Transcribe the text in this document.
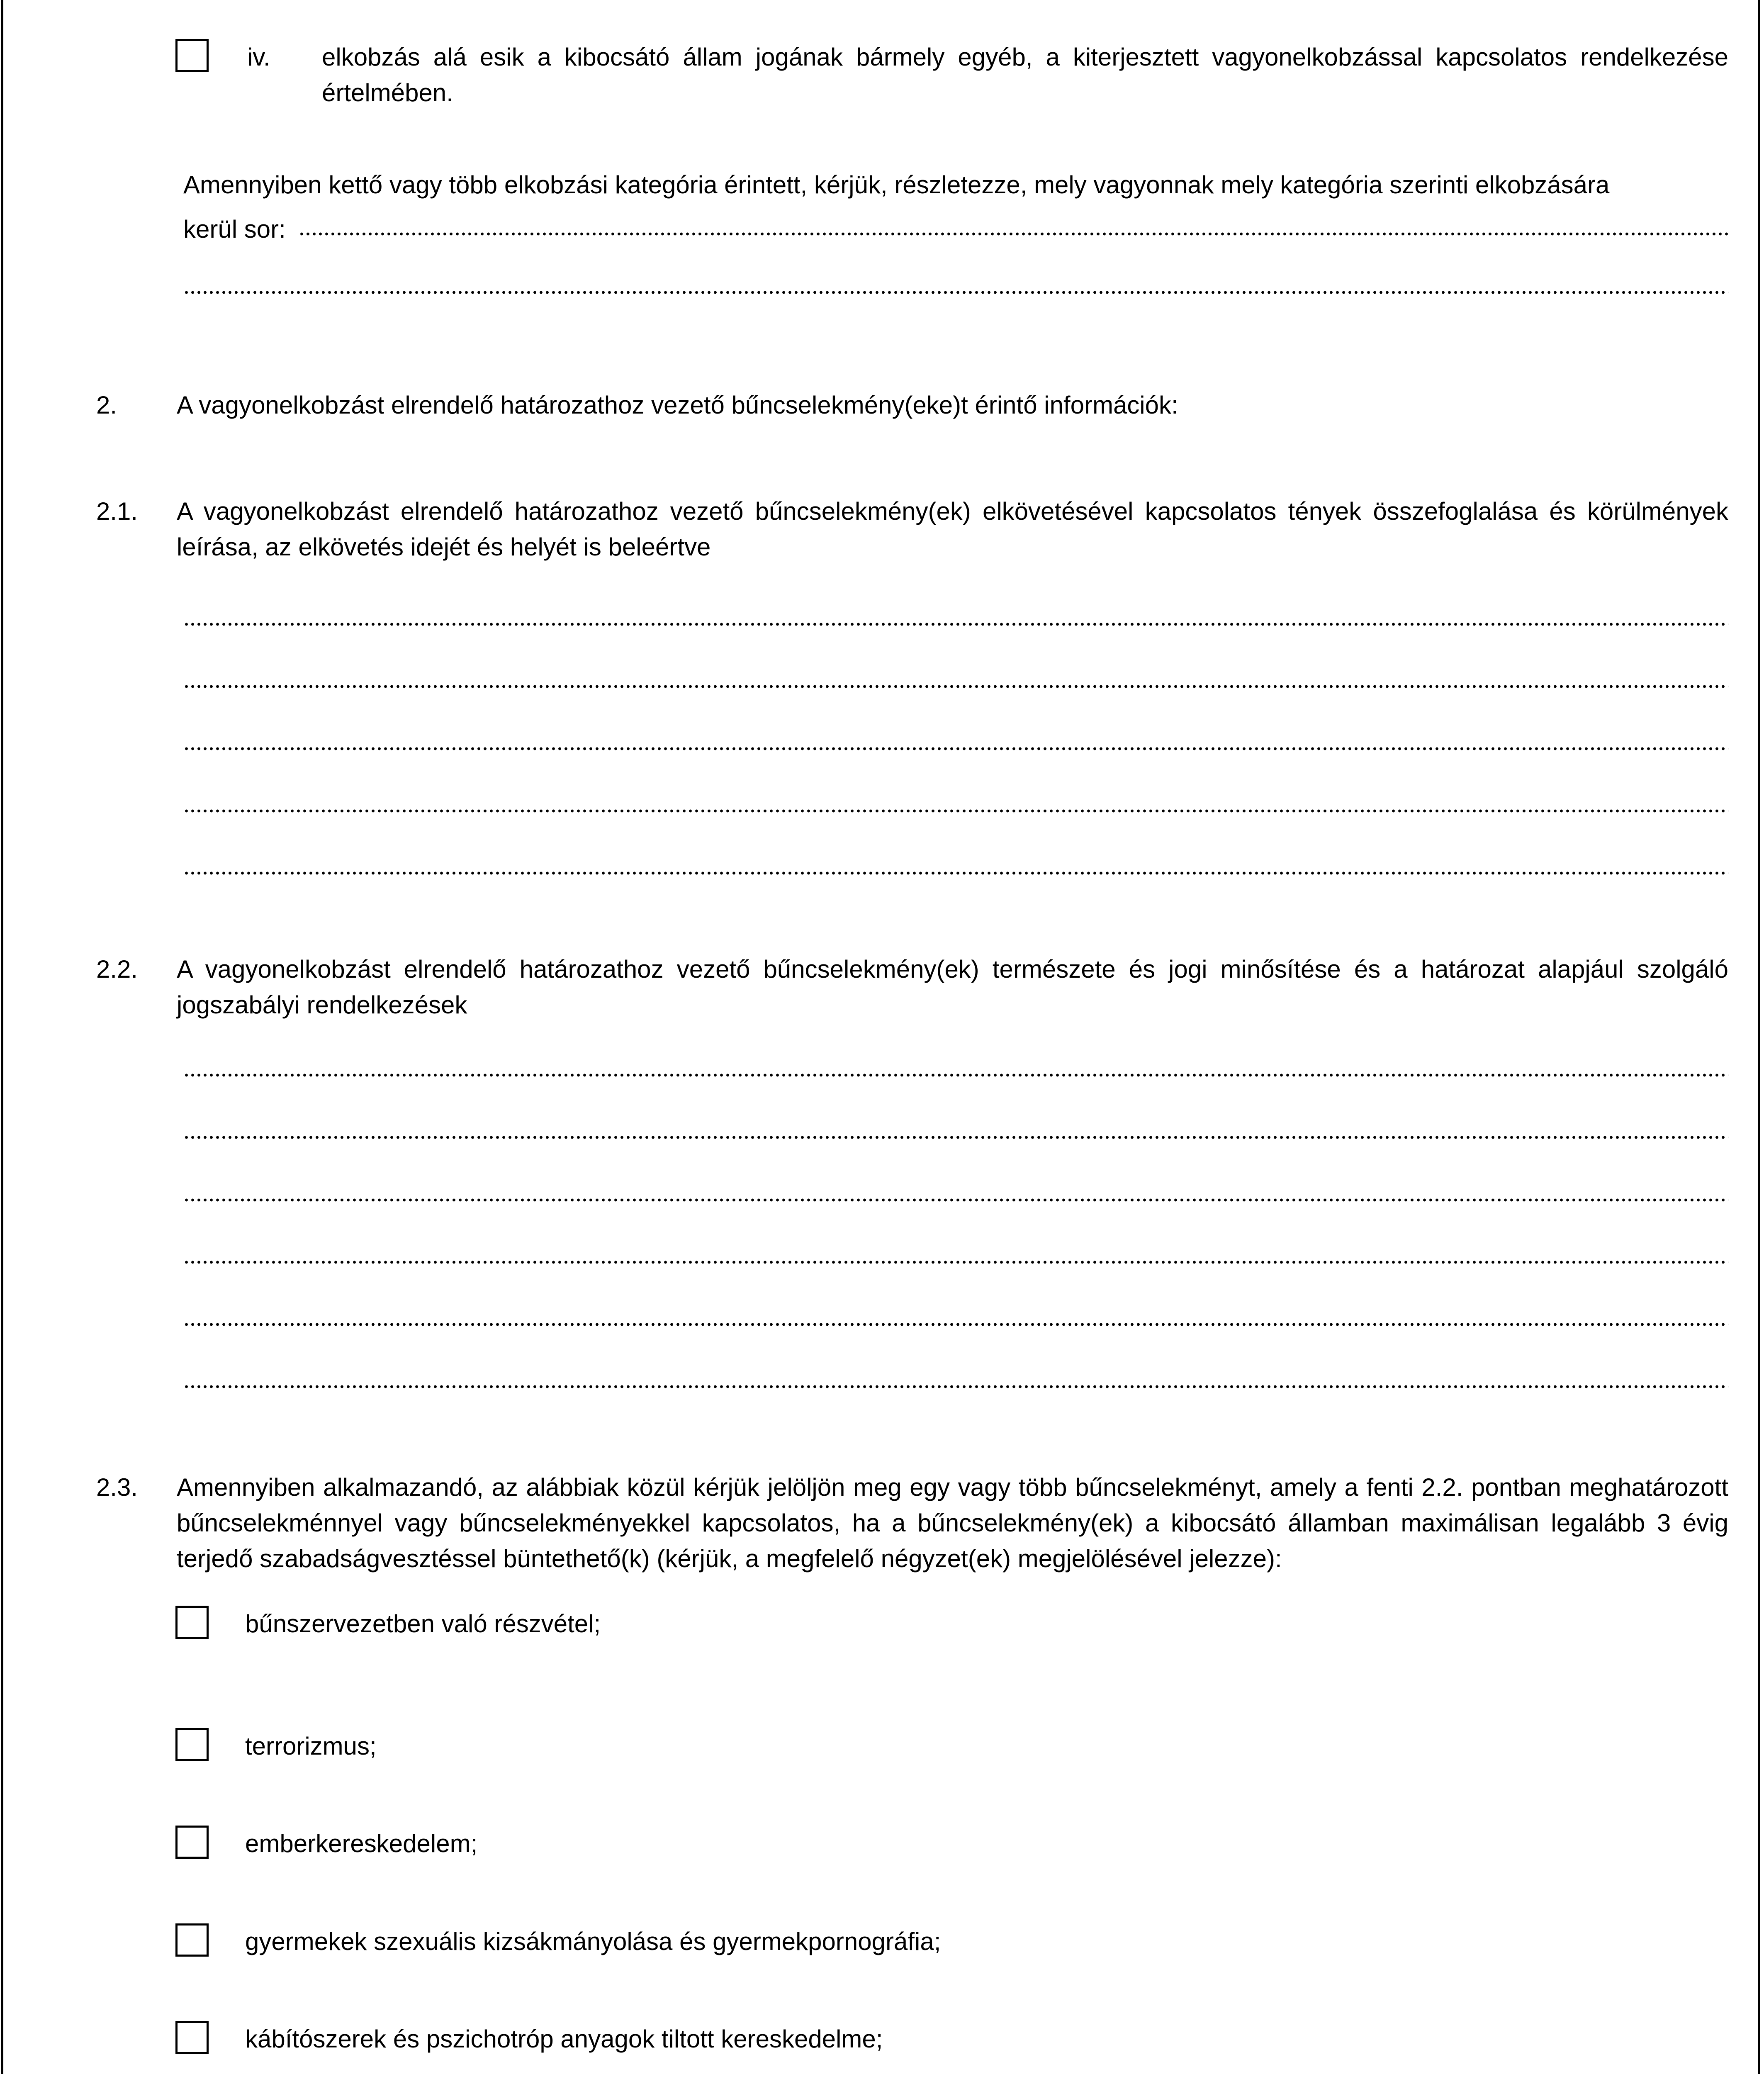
iv. elkobzás alá esik a kibocsátó állam jogának bármely egyéb, a kiterjesztett vagyonelkobzással kapcsolatos rendelkezése értelmében.
Amennyiben kettő vagy több elkobzási kategória érintett, kérjük, részletezze, mely vagyonnak mely kategória szerinti elkobzására
kerül sor:
2. A vagyonelkobzást elrendelő határozathoz vezető bűncselekmény(eke)t érintő információk:
2.1. A vagyonelkobzást elrendelő határozathoz vezető bűncselekmény(ek) elkövetésével kapcsolatos tények összefoglalása és körülmények leírása, az elkövetés idejét és helyét is beleértve
2.2. A vagyonelkobzást elrendelő határozathoz vezető bűncselekmény(ek) természete és jogi minősítése és a határozat alapjául szolgáló jogszabályi rendelkezések
2.3. Amennyiben alkalmazandó, az alábbiak közül kérjük jelöljön meg egy vagy több bűncselekményt, amely a fenti 2.2. pontban meghatározott bűncselekménnyel vagy bűncselekményekkel kapcsolatos, ha a bűncselekmény(ek) a kibocsátó államban maximálisan legalább 3 évig terjedő szabadságvesztéssel büntethető(k) (kérjük, a megfelelő négyzet(ek) megjelölésével jelezze):
bűnszervezetben való részvétel;
terrorizmus;
emberkereskedelem;
gyermekek szexuális kizsákmányolása és gyermekpornográfia;
kábítószerek és pszichotróp anyagok tiltott kereskedelme;
